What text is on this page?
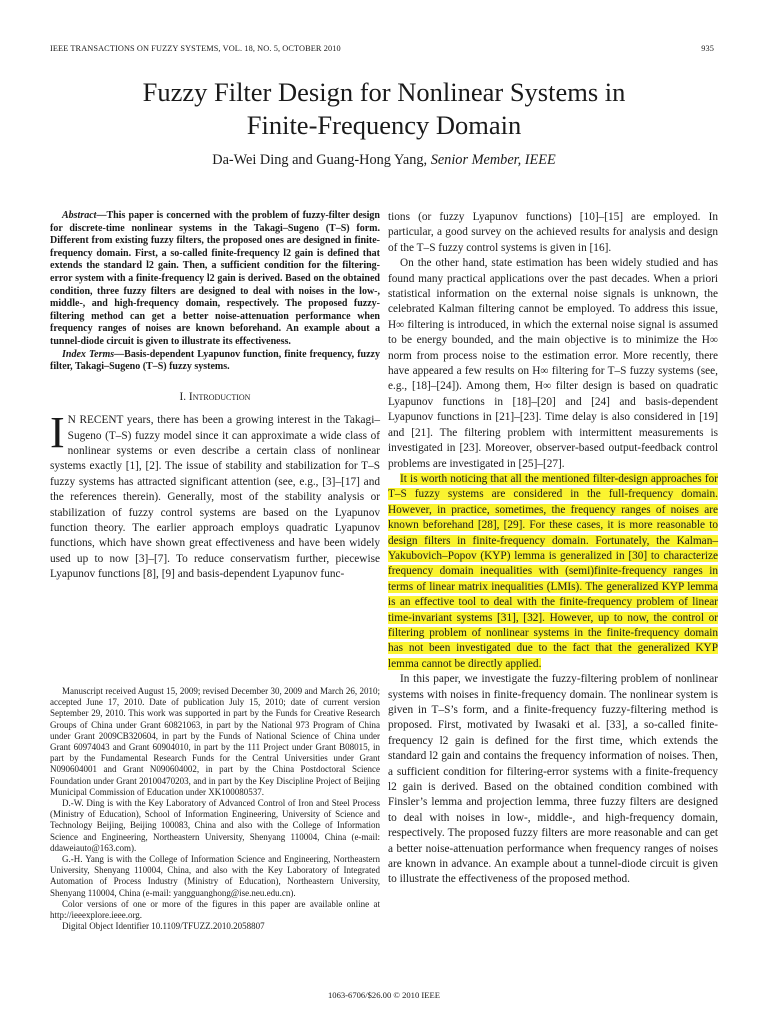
IEEE TRANSACTIONS ON FUZZY SYSTEMS, VOL. 18, NO. 5, OCTOBER 2010	935
Fuzzy Filter Design for Nonlinear Systems in
Finite-Frequency Domain
Da-Wei Ding and Guang-Hong Yang, Senior Member, IEEE

Abstract—This paper is concerned with the problem of fuzzy-filter design for discrete-time nonlinear systems in the Takagi–Sugeno (T–S) form. Different from existing fuzzy filters, the proposed ones are designed in finite-frequency domain. First, a so-called finite-frequency l2 gain is defined that extends the standard l2 gain. Then, a sufficient condition for the filtering-error system with a finite-frequency l2 gain is derived. Based on the obtained condition, three fuzzy filters are designed to deal with noises in the low-, middle-, and high-frequency domain, respectively. The proposed fuzzy-filtering method can get a better noise-attenuation performance when frequency ranges of noises are known beforehand. An example about a tunnel-diode circuit is given to illustrate its effectiveness.

Index Terms—Basis-dependent Lyapunov function, finite frequency, fuzzy filter, Takagi–Sugeno (T–S) fuzzy systems.

I. Introduction

I N RECENT years, there has been a growing interest in the Takagi–Sugeno (T–S) fuzzy model since it can approximate a wide class of nonlinear systems or even describe a certain class of nonlinear systems exactly [1], [2]. The issue of stability and stabilization for T–S fuzzy systems has attracted significant attention (see, e.g., [3]–[17] and the references therein). Generally, most of the stability analysis or stabilization of fuzzy control systems are based on the Lyapunov function theory. The earlier approach employs quadratic Lyapunov functions, which have shown great effectiveness and have been widely used up to now [3]–[7]. To reduce conservatism further, piecewise Lyapunov functions [8], [9] and basis-dependent Lyapunov func-

Manuscript received August 15, 2009; revised December 30, 2009 and March 26, 2010; accepted June 17, 2010. Date of publication July 15, 2010; date of current version September 29, 2010. This work was supported in part by the Funds for Creative Research Groups of China under Grant 60821063, in part by the National 973 Program of China under Grant 2009CB320604, in part by the Funds of National Science of China under Grant 60974043 and Grant 60904010, in part by the 111 Project under Grant B08015, in part by the Fundamental Research Funds for the Central Universities under Grant N090604001 and Grant N090604002, in part by the China Postdoctoral Science Foundation under Grant 20100470203, and in part by the Key Discipline Project of Beijing Municipal Commission of Education under XK100080537.

D.-W. Ding is with the Key Laboratory of Advanced Control of Iron and Steel Process (Ministry of Education), School of Information Engineering, University of Science and Technology Beijing, Beijing 100083, China and also with the College of Information Science and Engineering, Northeastern University, Shenyang 110004, China (e-mail: ddaweiauto@163.com).

G.-H. Yang is with the College of Information Science and Engineering, Northeastern University, Shenyang 110004, China, and also with the Key Laboratory of Integrated Automation of Process Industry (Ministry of Education), Northeastern University, Shenyang 110004, China (e-mail: yangguanghong@ise.neu.edu.cn).

Color versions of one or more of the figures in this paper are available online at http://ieeexplore.ieee.org.

Digital Object Identifier 10.1109/TFUZZ.2010.2058807

tions (or fuzzy Lyapunov functions) [10]–[15] are employed. In particular, a good survey on the achieved results for analysis and design of the T–S fuzzy control systems is given in [16].

On the other hand, state estimation has been widely studied and has found many practical applications over the past decades. When a priori statistical information on the external noise signals is unknown, the celebrated Kalman filtering cannot be employed. To address this issue, H∞ filtering is introduced, in which the external noise signal is assumed to be energy bounded, and the main objective is to minimize the H∞ norm from process noise to the estimation error. More recently, there have appeared a few results on H∞ filtering for T–S fuzzy systems (see, e.g., [18]–[24]). Among them, H∞ filter design is based on quadratic Lyapunov functions in [18]–[20] and [24] and basis-dependent Lyapunov functions in [21]–[23]. Time delay is also considered in [19] and [21]. The filtering problem with intermittent measurements is investigated in [23]. Moreover, observer-based output-feedback control problems are investigated in [25]–[27].

It is worth noticing that all the mentioned filter-design approaches for T–S fuzzy systems are considered in the full-frequency domain. However, in practice, sometimes, the frequency ranges of noises are known beforehand [28], [29]. For these cases, it is more reasonable to design filters in finite-frequency domain. Fortunately, the Kalman–Yakubovich–Popov (KYP) lemma is generalized in [30] to characterize frequency domain inequalities with (semi)finite-frequency ranges in terms of linear matrix inequalities (LMIs). The generalized KYP lemma is an effective tool to deal with the finite-frequency problem of linear time-invariant systems [31], [32]. However, up to now, the control or filtering problem of nonlinear systems in the finite-frequency domain has not been investigated due to the fact that the generalized KYP lemma cannot be directly applied.

In this paper, we investigate the fuzzy-filtering problem of nonlinear systems with noises in finite-frequency domain. The nonlinear system is given in T–S’s form, and a finite-frequency fuzzy-filtering method is proposed. First, motivated by Iwasaki et al. [33], a so-called finite-frequency l2 gain is defined for the first time, which extends the standard l2 gain and contains the frequency information of noises. Then, a sufficient condition for filtering-error systems with a finite-frequency l2 gain is derived. Based on the obtained condition combined with Finsler’s lemma and projection lemma, three fuzzy filters are designed to deal with noises in low-, middle-, and high-frequency domain, respectively. The proposed fuzzy filters are more reasonable and can get a better noise-attenuation performance when frequency ranges of noises are known in advance. An example about a tunnel-diode circuit is given to illustrate the effectiveness of the proposed method.

1063-6706/$26.00 © 2010 IEEE
